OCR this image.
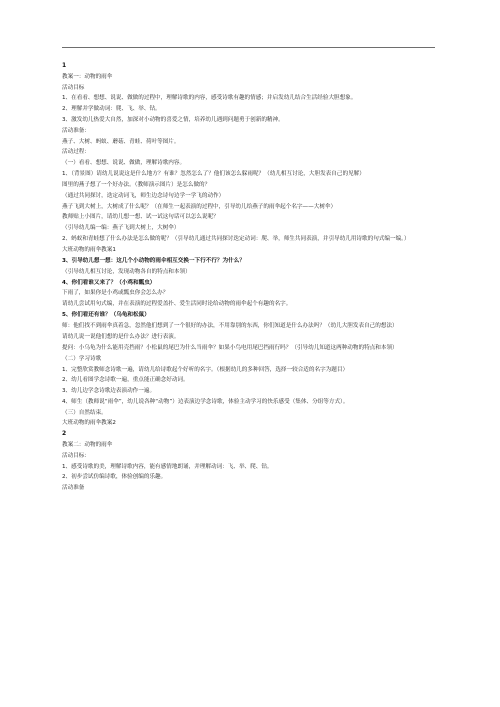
1
教案一：动物的雨伞
活动目标
1、在看看、想想、说说、做做的过程中，理解诗歌的内容，感受诗歌有趣的情感；并启发幼儿结合生活经验大胆想象。
2、理解并学做动词：爬、飞、举、钻。
3、激发幼儿热爱大自然，加深对小动物的喜爱之情，培养幼儿遇到问题勇于创新的精神。
活动准备：
燕子、大树、蚂蚁、蘑菇、青蛙、荷叶等图片。
活动过程：
（一）看看、想想、说说、做做，理解诗歌内容。
1、（背景图）请幼儿说说这是什么地方？有谁？忽然怎么了？他们该怎么躲雨呢？（幼儿相互讨论，大胆发表自己的见解）
图里的燕子想了一个好办法。（教师演示图片）是怎么做的？
（通过共同探讨，迭定动词飞，师生边念诗句边学一学飞的动作）
燕子飞到大树上，大树成了什么呢？（在师生一起表演的过程中，引导幼儿给燕子的雨伞起个名字——大树伞）
教师贴上小图片，请幼儿想一想、试一试这句话可以怎么说呢？
（引导幼儿编一编：燕子飞到大树上，大树伞）
2、蚂蚁和青蛙想了什么办法是怎么做的呢？（引导幼儿通过共同探讨迭定动词：爬、举，师生共同表演，并引导幼儿用诗歌的句式编一编。）
大班动物的雨伞教案1
3、引导幼儿想一想：这几个小动物的雨伞相互交换一下行不行？为什么？
（引导幼儿相互讨论，发现动物各自的特点和本领）
4、你们看谁又来了？（小鸡和瓢虫）
下雨了，如果你是小鸡或瓢虫你会怎么办？
请幼儿尝试用句式编，并在表演的过程爱盖扑、爱生活同时论给动物的雨伞起个有趣的名字。
5、你们看还有谁？（乌龟和松鼠）
师：他们找不到雨伞真着急，忽然他们想到了一个很好的办法，不用靠别的东西，你们知道是什么办法吗？（幼儿大胆发表自己的想法）
请幼儿说一说他们想的是什么办法？进行表演。
提问：小乌龟为什么能用壳挡雨？小松鼠的尾巴为什么当雨伞？如果小鸟电用尾巴挡雨行吗？（引导幼儿知道这两种动物的特点和本领）
（二）学习诗歌
1、完整欣赏教师念诗歌一遍，请幼儿给诗歌起个好听的名字。（根据幼儿的多种回答，选择一较合适的名字为题目）
2、幼儿看图学念诗歌一遍，重点能正确念好动词。
3、幼儿边学念诗歌边表演动作一遍。
4、师生（教师说“雨伞”，幼儿说各种“动物”）边表演边学念诗歌，体验主动学习的快乐感受（集体、分组等方式）。
（三）自然结束。
大班动物的雨伞教案2
2
教案二：动物的雨伞
活动目标：
1、感受诗歌的美，理解诗歌内容，能有感情地朗诵，并理解动词：飞、举、爬、钻。
2、初步尝试仿编诗歌，体验创编的乐趣。
活动准备
